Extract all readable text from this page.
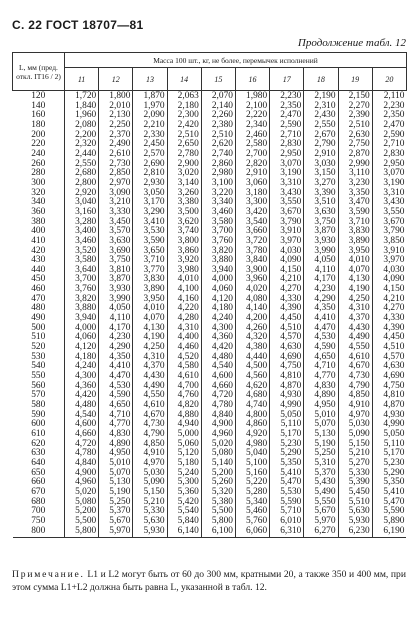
С. 22 ГОСТ 18707—81
Продолжение табл. 12
L, мм (пред. откл. IT16 / 2)	Масса 100 шт., кг, не более, перемычек исполнений									
	11	12	13	14	15	16	17	18	19	20
120	1,720	1,800	1,870	2,063	2,070	1,980	2,230	2,190	2,150	2,110
140	1,840	2,010	1,970	2,180	2,140	2,100	2,350	2,310	2,270	2,230
160	1,960	2,130	2,090	2,300	2,260	2,220	2,470	2,430	2,390	2,350
180	2,080	2,250	2,210	2,420	2,380	2,340	2,590	2,550	2,510	2,470
200	2,200	2,370	2,330	2,510	2,510	2,460	2,710	2,670	2,630	2,590
220	2,320	2,490	2,450	2,650	2,620	2,580	2,830	2,790	2,750	2,710
240	2,440	2,610	2,570	2,780	2,740	2,700	2,950	2,910	2,870	2,830
260	2,550	2,730	2,690	2,900	2,860	2,820	3,070	3,030	2,990	2,950
280	2,680	2,850	2,810	3,020	2,980	2,910	3,190	3,150	3,110	3,070
300	2,800	2,970	2,930	3,140	3,100	3,060	3,310	3,270	3,230	3,190
320	2,920	3,090	3,050	3,260	3,220	3,180	3,430	3,390	3,350	3,310
340	3,040	3,210	3,170	3,380	3,340	3,300	3,550	3,510	3,470	3,430
360	3,160	3,330	3,290	3,500	3,460	3,420	3,670	3,630	3,590	3,550
380	3,280	3,450	3,410	3,620	3,580	3,540	3,790	3,750	3,710	3,670
400	3,400	3,570	3,530	3,740	3,700	3,660	3,910	3,870	3,830	3,790
410	3,460	3,630	3,590	3,800	3,760	3,720	3,970	3,930	3,890	3,850
420	3,520	3,690	3,650	3,860	3,820	3,780	4,030	3,990	3,950	3,910
430	3,580	3,750	3,710	3,920	3,880	3,840	4,090	4,050	4,010	3,970
440	3,640	3,810	3,770	3,980	3,940	3,900	4,150	4,110	4,070	4,030
450	3,700	3,870	3,830	4,010	4,000	3,960	4,210	4,170	4,130	4,090
460	3,760	3,930	3,890	4,100	4,060	4,020	4,270	4,230	4,190	4,150
470	3,820	3,990	3,950	4,160	4,120	4,080	4,330	4,290	4,250	4,210
480	3,880	4,050	4,010	4,220	4,180	4,140	4,390	4,350	4,310	4,270
490	3,940	4,110	4,070	4,280	4,240	4,200	4,450	4,410	4,370	4,330
500	4,000	4,170	4,130	4,310	4,300	4,260	4,510	4,470	4,430	4,390
510	4,060	4,230	4,190	4,400	4,360	4,320	4,570	4,530	4,490	4,450
520	4,120	4,290	4,250	4,460	4,420	4,380	4,630	4,590	4,550	4,510
530	4,180	4,350	4,310	4,520	4,480	4,440	4,690	4,650	4,610	4,570
540	4,240	4,410	4,370	4,580	4,540	4,500	4,750	4,710	4,670	4,630
550	4,300	4,470	4,430	4,610	4,600	4,560	4,810	4,770	4,730	4,690
560	4,360	4,530	4,490	4,700	4,660	4,620	4,870	4,830	4,790	4,750
570	4,420	4,590	4,550	4,760	4,720	4,680	4,930	4,890	4,850	4,810
580	4,480	4,650	4,610	4,820	4,780	4,740	4,990	4,950	4,910	4,870
590	4,540	4,710	4,670	4,880	4,840	4,800	5,050	5,010	4,970	4,930
600	4,600	4,770	4,730	4,940	4,900	4,860	5,110	5,070	5,030	4,990
610	4,660	4,830	4,790	5,000	4,960	4,920	5,170	5,130	5,090	5,050
620	4,720	4,890	4,850	5,060	5,020	4,980	5,230	5,190	5,150	5,110
630	4,780	4,950	4,910	5,120	5,080	5,040	5,290	5,250	5,210	5,170
640	4,840	5,010	4,970	5,180	5,140	5,100	5,350	5,310	5,270	5,230
650	4,900	5,070	5,030	5,240	5,200	5,160	5,410	5,370	5,330	5,290
660	4,960	5,130	5,090	5,300	5,260	5,220	5,470	5,430	5,390	5,350
670	5,020	5,190	5,150	5,360	5,320	5,280	5,530	5,490	5,450	5,410
680	5,080	5,250	5,210	5,420	5,380	5,340	5,590	5,550	5,510	5,470
700	5,200	5,370	5,330	5,540	5,500	5,460	5,710	5,670	5,630	5,590
750	5,500	5,670	5,630	5,840	5,800	5,760	6,010	5,970	5,930	5,890
800	5,800	5,970	5,930	6,140	6,100	6,060	6,310	6,270	6,230	6,190
Примечание. L1 и L2 могут быть от 60 до 300 мм, кратными 20, а также 350 и 400 мм, при этом сумма L1+L2 должна быть равна L, указанной в табл. 12.
